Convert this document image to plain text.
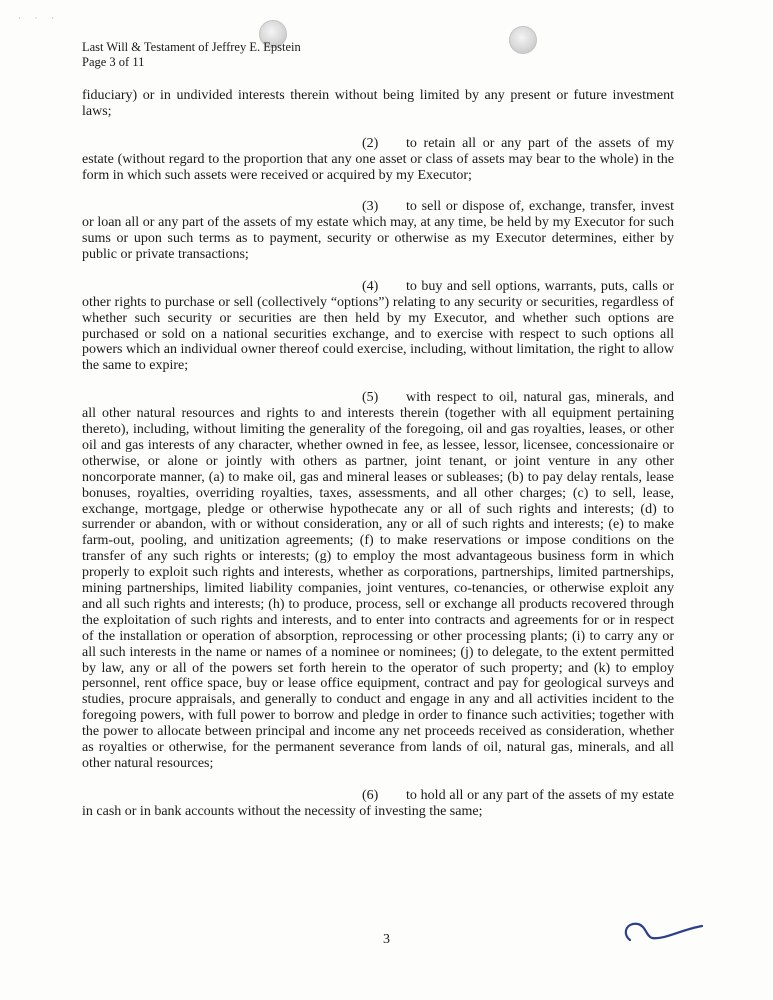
· · ·
Last Will & Testament of Jeffrey E. Epstein
Page 3 of 11

fiduciary) or in undivided interests therein without being limited by any present or future investment laws;

(2) to retain all or any part of the assets of my estate (without regard to the proportion that any one asset or class of assets may bear to the whole) in the form in which such assets were received or acquired by my Executor;

(3) to sell or dispose of, exchange, transfer, invest or loan all or any part of the assets of my estate which may, at any time, be held by my Executor for such sums or upon such terms as to payment, security or otherwise as my Executor determines, either by public or private transactions;

(4) to buy and sell options, warrants, puts, calls or other rights to purchase or sell (collectively “options”) relating to any security or securities, regardless of whether such security or securities are then held by my Executor, and whether such options are purchased or sold on a national securities exchange, and to exercise with respect to such options all powers which an individual owner thereof could exercise, including, without limitation, the right to allow the same to expire;

(5) with respect to oil, natural gas, minerals, and all other natural resources and rights to and interests therein (together with all equipment pertaining thereto), including, without limiting the generality of the foregoing, oil and gas royalties, leases, or other oil and gas interests of any character, whether owned in fee, as lessee, lessor, licensee, concessionaire or otherwise, or alone or jointly with others as partner, joint tenant, or joint venture in any other noncorporate manner, (a) to make oil, gas and mineral leases or subleases; (b) to pay delay rentals, lease bonuses, royalties, overriding royalties, taxes, assessments, and all other charges; (c) to sell, lease, exchange, mortgage, pledge or otherwise hypothecate any or all of such rights and interests; (d) to surrender or abandon, with or without consideration, any or all of such rights and interests; (e) to make farm-out, pooling, and unitization agreements; (f) to make reservations or impose conditions on the transfer of any such rights or interests; (g) to employ the most advantageous business form in which properly to exploit such rights and interests, whether as corporations, partnerships, limited partnerships, mining partnerships, limited liability companies, joint ventures, co-tenancies, or otherwise exploit any and all such rights and interests; (h) to produce, process, sell or exchange all products recovered through the exploitation of such rights and interests, and to enter into contracts and agreements for or in respect of the installation or operation of absorption, reprocessing or other processing plants; (i) to carry any or all such interests in the name or names of a nominee or nominees; (j) to delegate, to the extent permitted by law, any or all of the powers set forth herein to the operator of such property; and (k) to employ personnel, rent office space, buy or lease office equipment, contract and pay for geological surveys and studies, procure appraisals, and generally to conduct and engage in any and all activities incident to the foregoing powers, with full power to borrow and pledge in order to finance such activities; together with the power to allocate between principal and income any net proceeds received as consideration, whether as royalties or otherwise, for the permanent severance from lands of oil, natural gas, minerals, and all other natural resources;

(6) to hold all or any part of the assets of my estate in cash or in bank accounts without the necessity of investing the same;

3
